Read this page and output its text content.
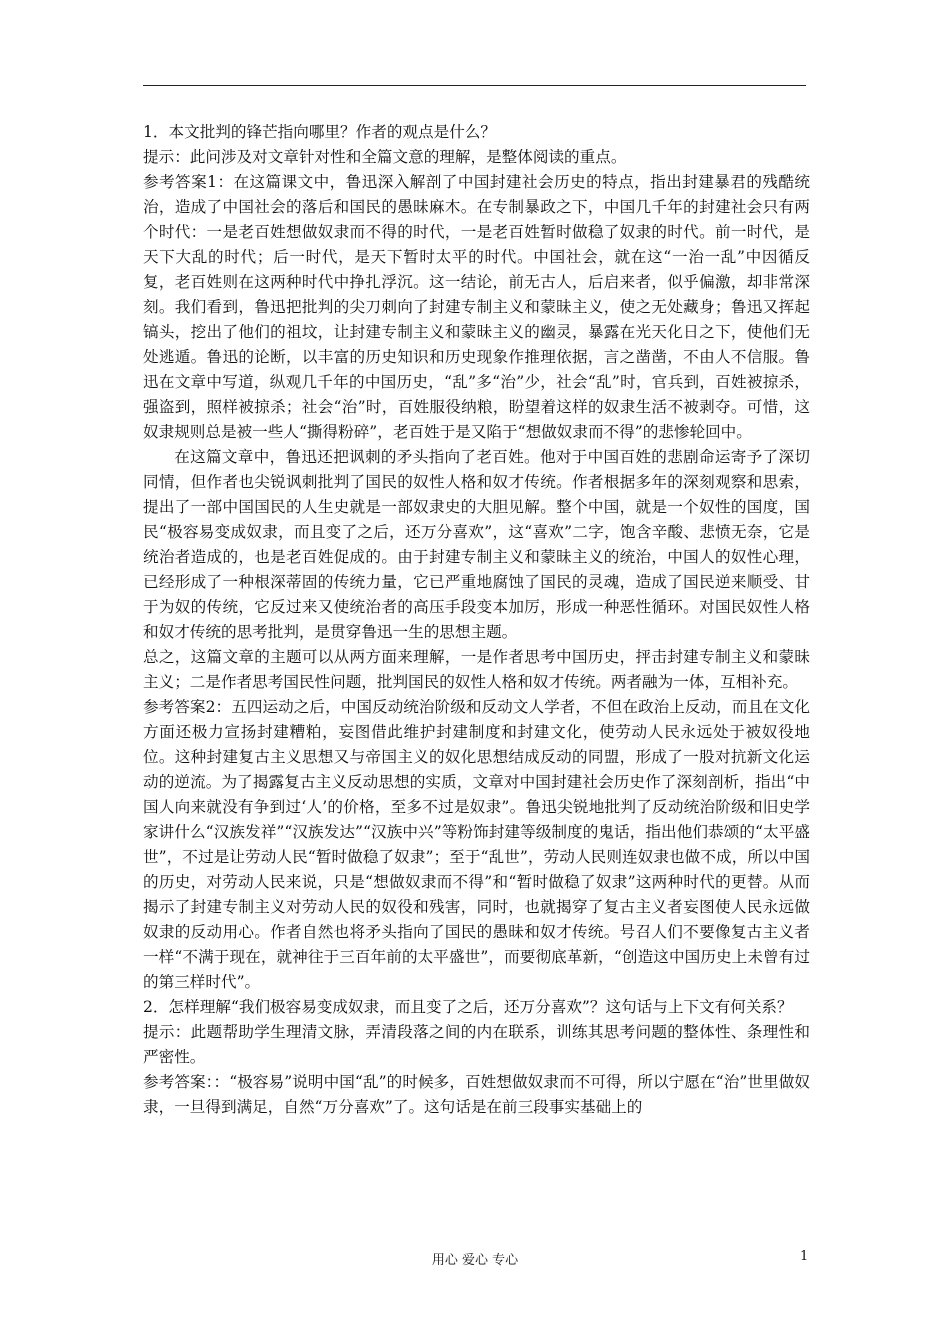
1．本文批判的锋芒指向哪里？作者的观点是什么？

提示：此问涉及对文章针对性和全篇文意的理解，是整体阅读的重点。

参考答案1：在这篇课文中，鲁迅深入解剖了中国封建社会历史的特点，指出封建暴君的残酷统治，造成了中国社会的落后和国民的愚昧麻木。在专制暴政之下，中国几千年的封建社会只有两个时代：一是老百姓想做奴隶而不得的时代，一是老百姓暂时做稳了奴隶的时代。前一时代，是天下大乱的时代；后一时代，是天下暂时太平的时代。中国社会，就在这“一治一乱”中因循反复，老百姓则在这两种时代中挣扎浮沉。这一结论，前无古人，后启来者，似乎偏激，却非常深刻。我们看到，鲁迅把批判的尖刀刺向了封建专制主义和蒙昧主义，使之无处藏身；鲁迅又挥起镐头，挖出了他们的祖坟，让封建专制主义和蒙昧主义的幽灵，暴露在光天化日之下，使他们无处逃遁。鲁迅的论断，以丰富的历史知识和历史现象作推理依据，言之凿凿，不由人不信服。鲁迅在文章中写道，纵观几千年的中国历史，“乱”多“治”少，社会“乱”时，官兵到，百姓被掠杀，强盗到，照样被掠杀；社会“治”时，百姓服役纳粮，盼望着这样的奴隶生活不被剥夺。可惜，这奴隶规则总是被一些人“撕得粉碎”，老百姓于是又陷于“想做奴隶而不得”的悲惨轮回中。

在这篇文章中，鲁迅还把讽刺的矛头指向了老百姓。他对于中国百姓的悲剧命运寄予了深切同情，但作者也尖锐讽刺批判了国民的奴性人格和奴才传统。作者根据多年的深刻观察和思索，提出了一部中国国民的人生史就是一部奴隶史的大胆见解。整个中国，就是一个奴性的国度，国民“极容易变成奴隶，而且变了之后，还万分喜欢”，这“喜欢”二字，饱含辛酸、悲愤无奈，它是统治者造成的，也是老百姓促成的。由于封建专制主义和蒙昧主义的统治，中国人的奴性心理，已经形成了一种根深蒂固的传统力量，它已严重地腐蚀了国民的灵魂，造成了国民逆来顺受、甘于为奴的传统，它反过来又使统治者的高压手段变本加厉，形成一种恶性循环。对国民奴性人格和奴才传统的思考批判，是贯穿鲁迅一生的思想主题。

总之，这篇文章的主题可以从两方面来理解，一是作者思考中国历史，抨击封建专制主义和蒙昧主义；二是作者思考国民性问题，批判国民的奴性人格和奴才传统。两者融为一体，互相补充。

参考答案2：五四运动之后，中国反动统治阶级和反动文人学者，不但在政治上反动，而且在文化方面还极力宣扬封建糟粕，妄图借此维护封建制度和封建文化，使劳动人民永远处于被奴役地位。这种封建复古主义思想又与帝国主义的奴化思想结成反动的同盟，形成了一股对抗新文化运动的逆流。为了揭露复古主义反动思想的实质，文章对中国封建社会历史作了深刻剖析，指出“中国人向来就没有争到过‘人’的价格，至多不过是奴隶”。鲁迅尖锐地批判了反动统治阶级和旧史学家讲什么“汉族发祥”“汉族发达”“汉族中兴”等粉饰封建等级制度的鬼话，指出他们恭颂的“太平盛世”，不过是让劳动人民“暂时做稳了奴隶”；至于“乱世”，劳动人民则连奴隶也做不成，所以中国的历史，对劳动人民来说，只是“想做奴隶而不得”和“暂时做稳了奴隶”这两种时代的更替。从而揭示了封建专制主义对劳动人民的奴役和残害，同时，也就揭穿了复古主义者妄图使人民永远做奴隶的反动用心。作者自然也将矛头指向了国民的愚昧和奴才传统。号召人们不要像复古主义者一样“不满于现在，就神往于三百年前的太平盛世”，而要彻底革新，“创造这中国历史上未曾有过的第三样时代”。

2．怎样理解“我们极容易变成奴隶，而且变了之后，还万分喜欢”？这句话与上下文有何关系？

提示：此题帮助学生理清文脉，弄清段落之间的内在联系，训练其思考问题的整体性、条理性和严密性。

参考答案：：“极容易”说明中国“乱”的时候多，百姓想做奴隶而不可得，所以宁愿在“治”世里做奴隶，一旦得到满足，自然“万分喜欢”了。这句话是在前三段事实基础上的

用心 爱心 专心	1
